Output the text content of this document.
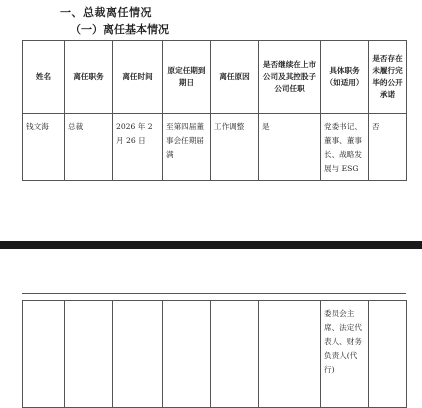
一、总裁离任情况
（一）离任基本情况
姓名	离任职务	离任时间	原定任期到期日	离任原因	是否继续在上市公司及其控股子公司任职	具体职务（如适用）	是否存在未履行完毕的公开承诺
钱文海	总裁	2026 年 2 月 26 日	至第四届董事会任期届满	工作调整	是	党委书记、董事、董事长、战略发展与 ESG	否
						委员会主席、法定代表人、财务负责人(代行)	
